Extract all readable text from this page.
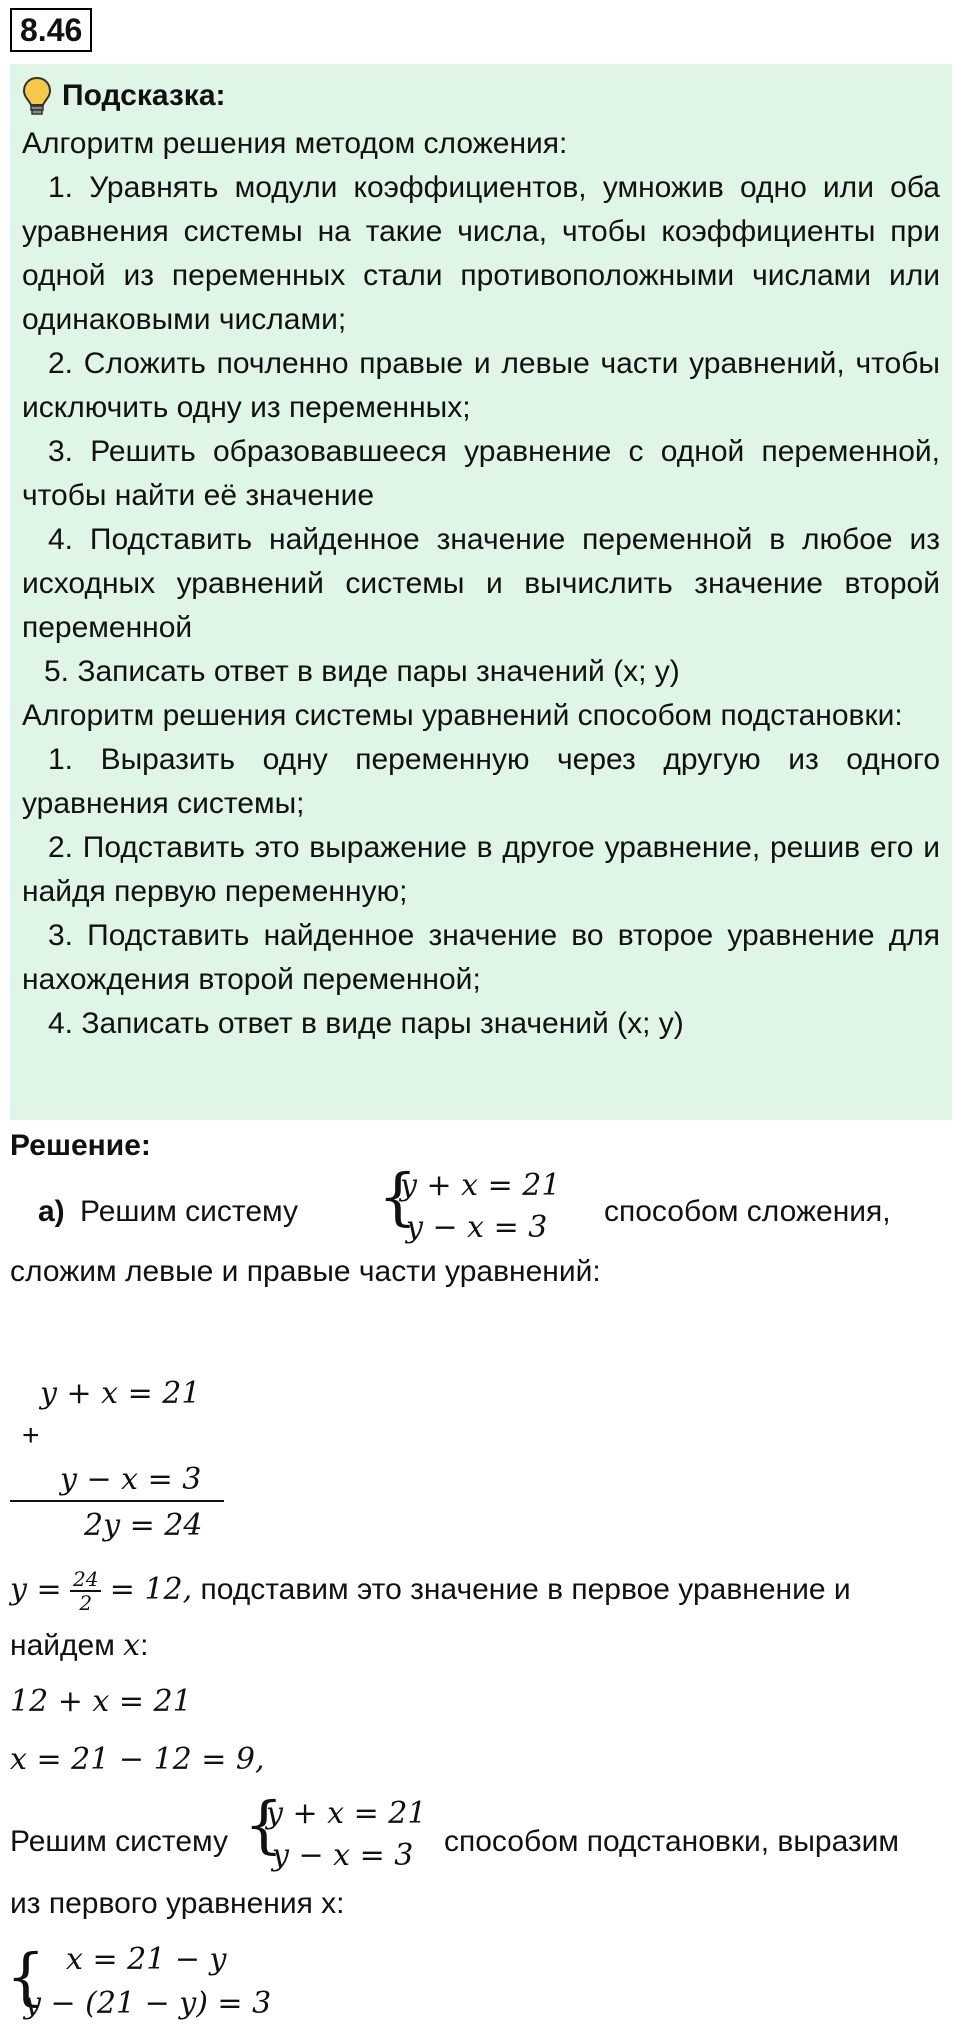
8.46
Подсказка:

Алгоритм решения методом сложения:

1. Уравнять модули коэффициентов, умножив одно или оба уравнения системы на такие числа, чтобы коэффициенты при одной из переменных стали противоположными числами или одинаковыми числами;

2. Сложить почленно правые и левые части уравнений, чтобы исключить одну из переменных;

3. Решить образовавшееся уравнение с одной переменной, чтобы найти её значение

4. Подставить найденное значение переменной в любое из исходных уравнений системы и вычислить значение второй переменной

5. Записать ответ в виде пары значений (x; y)

Алгоритм решения системы уравнений способом подстановки:

1. Выразить одну переменную через другую из одного уравнения системы;

2. Подставить это выражение в другое уравнение, решив его и найдя первую переменную;

3. Подставить найденное значение во второе уравнение для нахождения второй переменной;

4. Записать ответ в виде пары значений (x; y)

Решение:
а) Решим систему {
y + x = 21
y − x = 3 способом сложения,
сложим левые и правые части уравнений:
y + x = 21
+
y − x = 3
2y = 24
$y = \frac{24}{2} = 12$, подставим это значение в первое уравнение и
найдем x:
12 + x = 21
x = 21 − 12 = 9,
Решим систему {
y + x = 21
y − x = 3 способом подстановки, выразим
из первого уравнения х:
{ x = 21 − y
y − (21 − y) = 3
